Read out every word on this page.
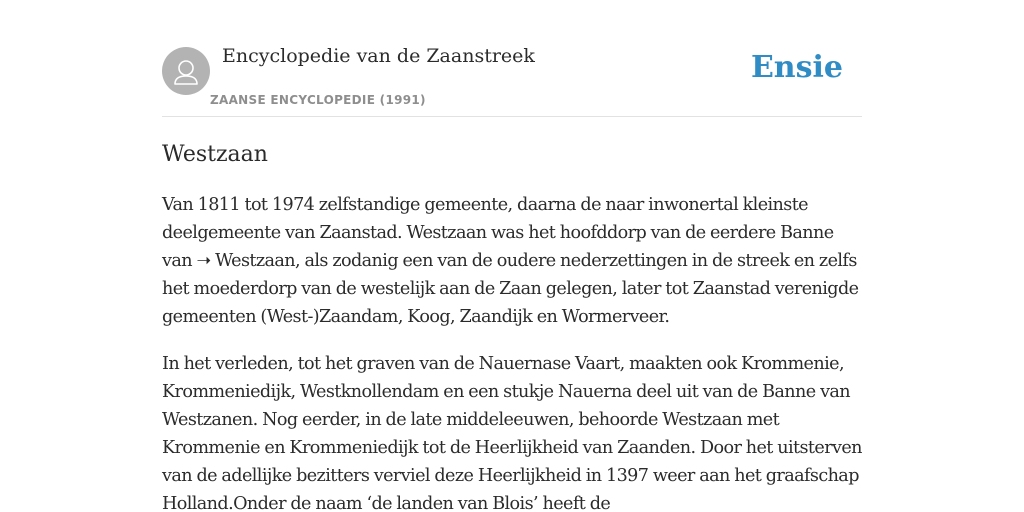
Encyclopedie van de Zaanstreek
ZAANSE ENCYCLOPEDIE (1991)
Ensie
Westzaan

Van 1811 tot 1974 zelfstandige gemeente, daarna de naar inwonertal kleinste deelgemeente van Zaanstad. Westzaan was het hoofddorp van de eerdere Banne van ➝ Westzaan, als zodanig een van de oudere nederzettingen in de streek en zelfs het moederdorp van de westelijk aan de Zaan gelegen, later tot Zaanstad verenigde gemeenten (West-)Zaandam, Koog, Zaandijk en Wormerveer.

In het verleden, tot het graven van de Nauernase Vaart, maakten ook Krommenie, Krommeniedijk, Westknollendam en een stukje Nauerna deel uit van de Banne van Westzanen. Nog eerder, in de late middeleeuwen, behoorde Westzaan met Krommenie en Krommeniedijk tot de Heerlijkheid van Zaanden. Door het uitsterven van de adellijke bezitters verviel deze Heerlijkheid in 1397 weer aan het graafschap Holland.Onder de naam ‘de landen van Blois’ heeft de
